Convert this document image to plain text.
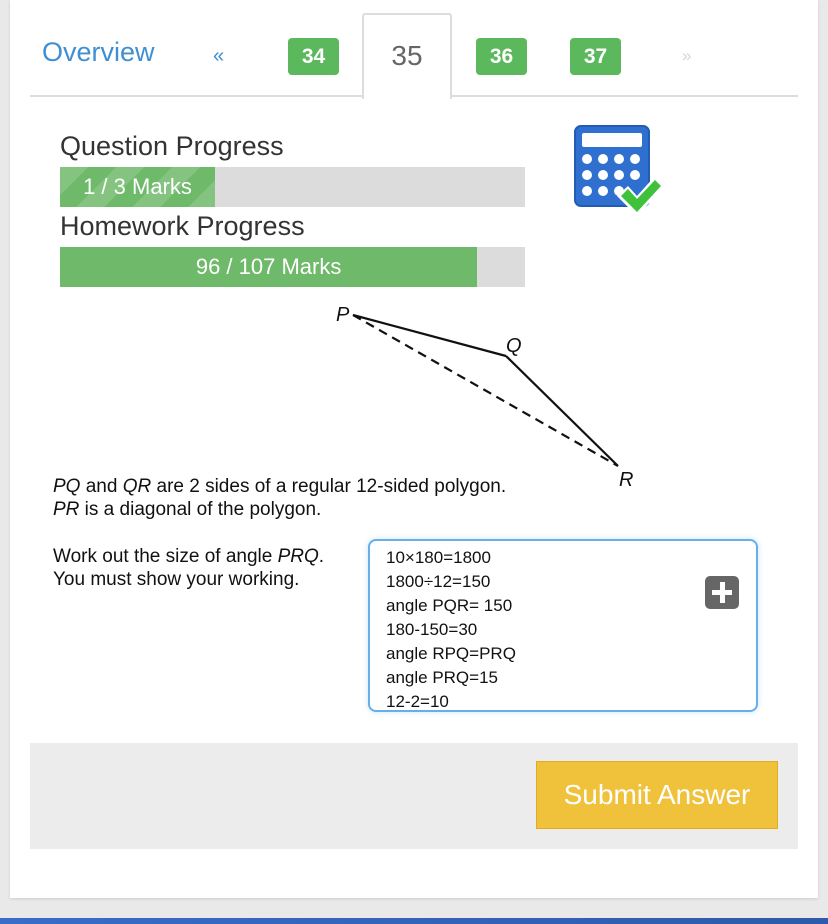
Overview	«	34	35	36	37	»
Question Progress
1 / 3 Marks
Homework Progress
96 / 107 Marks
P
Q
R
PQ and QR are 2 sides of a regular 12-sided polygon.
PR is a diagonal of the polygon.
Work out the size of angle PRQ.
You must show your working.
10×180=1800
1800÷12=150
angle PQR= 150
180-150=30
angle RPQ=PRQ
angle PRQ=15
12-2=10
Submit Answer
